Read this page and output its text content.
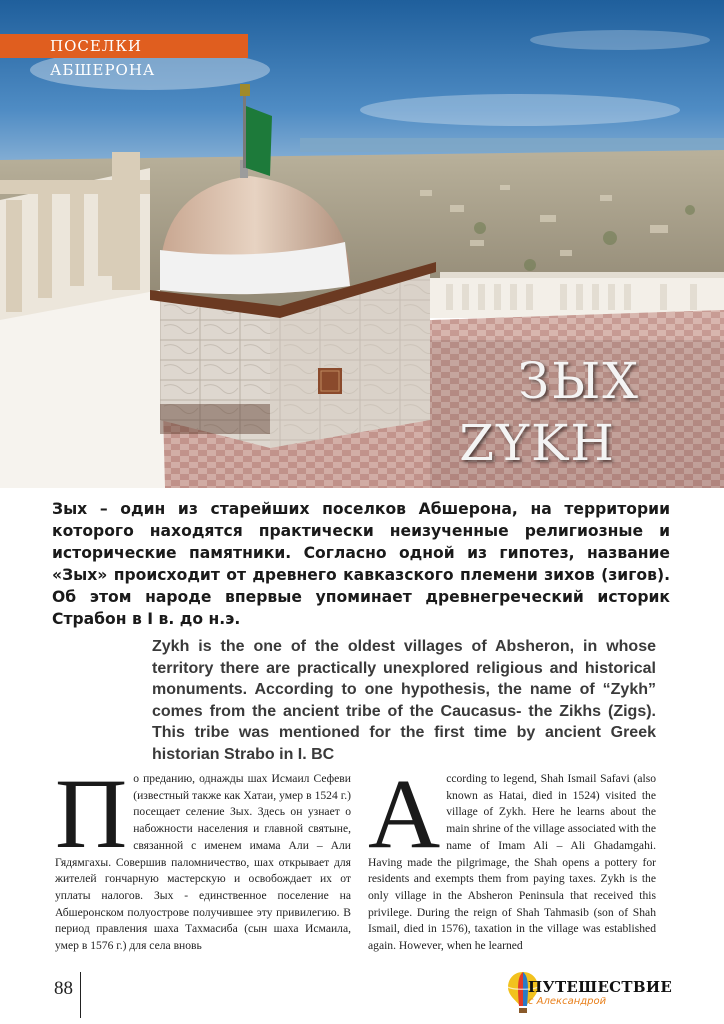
ПОСЕЛКИ АБШЕРОНА
ЗЫХ
ZYKH

Зых – один из старейших поселков Абшерона, на территории которого находятся практически неизученные религиозные и исторические памятники. Согласно одной из гипотез, название «Зых» происходит от древнего кавказского племени зихов (зигов). Об этом народе впервые упоминает древнегреческий историк Страбон в I в. до н.э.

Zykh is the one of the oldest villages of Absheron, in whose territory there are practically unexplored religious and historical monuments. According to one hypothesis, the name of “Zykh” comes from the ancient tribe of the Caucasus- the Zikhs (Zigs). This tribe was mentioned for the first time by ancient Greek historian Strabo in I. BC

П о преданию, однажды шах Исмаил Сефеви (известный также как Хатаи, умер в 1524 г.) посещает селение Зых. Здесь он узнает о набожности населения и главной святыне, связанной с именем имама Али – Али Гядямгахы. Совершив паломничество, шах открывает для жителей гончарную мастерскую и освобождает их от уплаты налогов. Зых - единственное поселение на Абшеронском полуострове получившее эту привилегию. В период правления шаха Тахмасиба (сын шаха Исмаила, умер в 1576 г.) для села вновь

A ccording to legend, Shah Ismail Safavi (also known as Hatai, died in 1524) visited the village of Zykh. Here he learns about the main shrine of the village associated with the name of Imam Ali – Ali Ghadamgahi. Having made the pilgrimage, the Shah opens a pottery for residents and exempts them from paying taxes. Zykh is the only village in the Absheron Peninsula that received this privilege. During the reign of Shah Tahmasib (son of Shah Ismail, died in 1576), taxation in the village was established again. However, when he learned

88	ПУТЕШЕСТВИЕ
с Александрой
